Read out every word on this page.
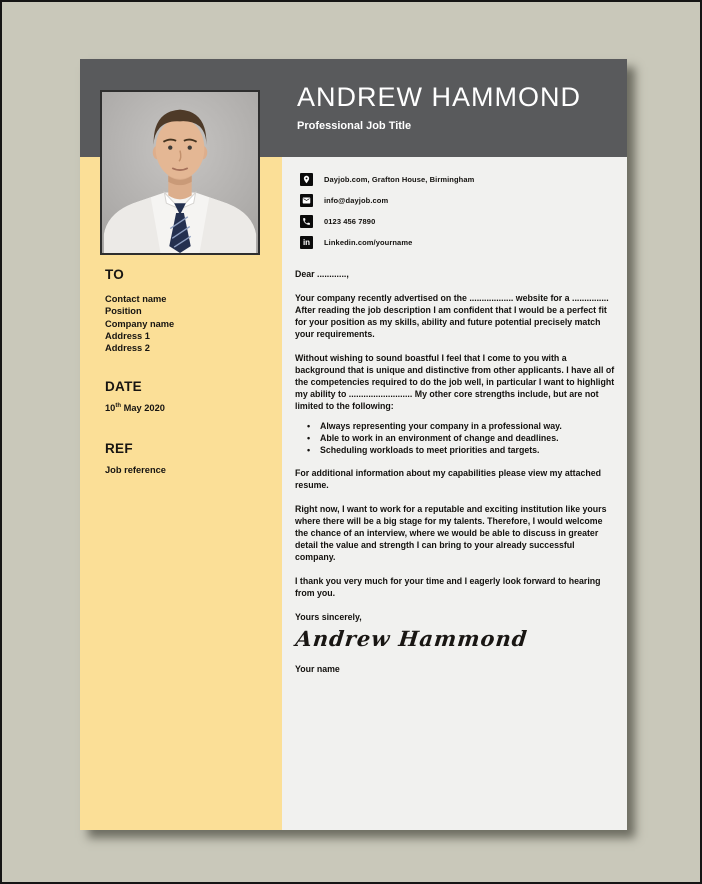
ANDREW HAMMOND
Professional Job Title
TO
Contact name
Position
Company name
Address 1
Address 2
DATE
10th May 2020
REF
Job reference
Dayjob.com, Grafton House, Birmingham
info@dayjob.com
0123 456 7890
in Linkedin.com/yourname

Dear ............,

Your company recently advertised on the .................. website for a ............... After reading the job description I am confident that I would be a perfect fit for your position as my skills, ability and future potential precisely match your requirements.

Without wishing to sound boastful I feel that I come to you with a background that is unique and distinctive from other applicants. I have all of the competencies required to do the job well, in particular I want to highlight my ability to .......................... My other core strengths include, but are not limited to the following:

• Always representing your company in a professional way.
• Able to work in an environment of change and deadlines.
• Scheduling workloads to meet priorities and targets.

For additional information about my capabilities please view my attached resume.

Right now, I want to work for a reputable and exciting institution like yours where there will be a big stage for my talents. Therefore, I would welcome the chance of an interview, where we would be able to discuss in greater detail the value and strength I can bring to your already successful company.

I thank you very much for your time and I eagerly look forward to hearing from you.

Yours sincerely,

Andrew Hammond
Your name
